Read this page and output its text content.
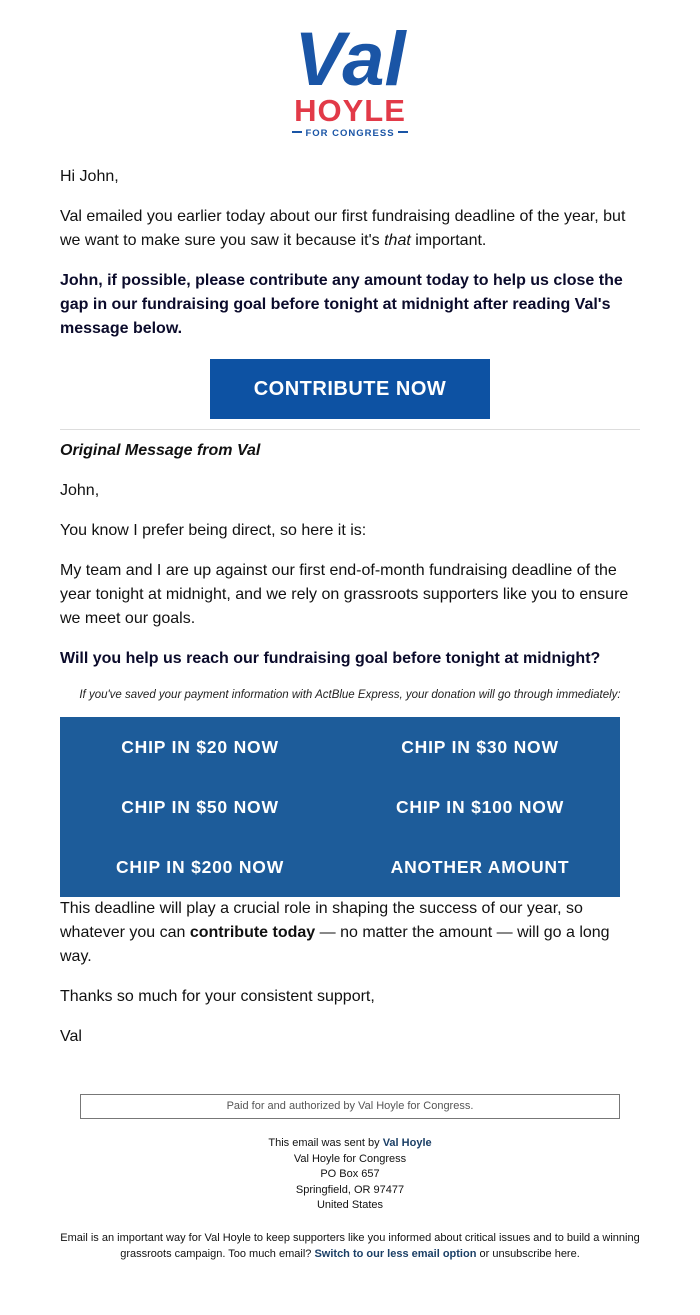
Val
HOYLE
FOR CONGRESS

Hi John,

Val emailed you earlier today about our first fundraising deadline of the year, but we want to make sure you saw it because it's that important.

John, if possible, please contribute any amount today to help us close the gap in our fundraising goal before tonight at midnight after reading Val's message below.

CONTRIBUTE NOW

Original Message from Val

John,

You know I prefer being direct, so here it is:

My team and I are up against our first end-of-month fundraising deadline of the year tonight at midnight, and we rely on grassroots supporters like you to ensure we meet our goals.

Will you help us reach our fundraising goal before tonight at midnight?

If you've saved your payment information with ActBlue Express, your donation will go through immediately:

CHIP IN $20 NOW	CHIP IN $30 NOW
CHIP IN $50 NOW	CHIP IN $100 NOW
CHIP IN $200 NOW	ANOTHER AMOUNT

This deadline will play a crucial role in shaping the success of our year, so whatever you can contribute today — no matter the amount — will go a long way.

Thanks so much for your consistent support,

Val

Paid for and authorized by Val Hoyle for Congress.
This email was sent by Val Hoyle
Val Hoyle for Congress
PO Box 657
Springfield, OR 97477
United States
Email is an important way for Val Hoyle to keep supporters like you informed about critical issues and to build a winning grassroots campaign. Too much email? Switch to our less email option or unsubscribe here.
